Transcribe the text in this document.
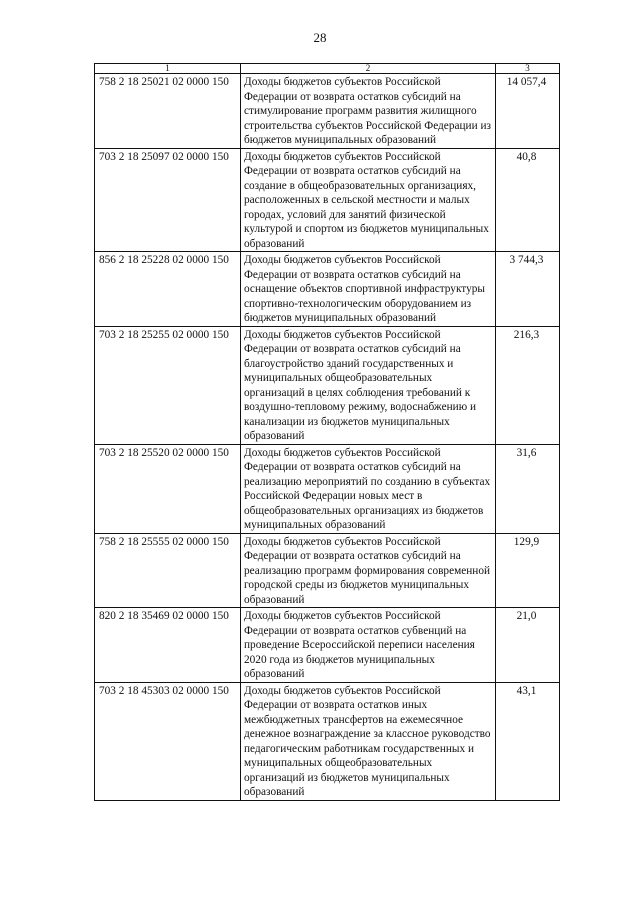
28
1	2	3
758 2 18 25021 02 0000 150	Доходы бюджетов субъектов Российской Федерации от возврата остатков субсидий на стимулирование программ развития жилищного строительства субъектов Российской Федерации из бюджетов муниципальных образований	14 057,4
703 2 18 25097 02 0000 150	Доходы бюджетов субъектов Российской Федерации от возврата остатков субсидий на создание в общеобразовательных организациях, расположенных в сельской местности и малых городах, условий для занятий физической культурой и спортом из бюджетов муниципальных образований	40,8
856 2 18 25228 02 0000 150	Доходы бюджетов субъектов Российской Федерации от возврата остатков субсидий на оснащение объектов спортивной инфраструктуры спортивно-технологическим оборудованием из бюджетов муниципальных образований	3 744,3
703 2 18 25255 02 0000 150	Доходы бюджетов субъектов Российской Федерации от возврата остатков субсидий на благоустройство зданий государственных и муниципальных общеобразовательных организаций в целях соблюдения требований к воздушно-тепловому режиму, водоснабжению и канализации из бюджетов муниципальных образований	216,3
703 2 18 25520 02 0000 150	Доходы бюджетов субъектов Российской Федерации от возврата остатков субсидий на реализацию мероприятий по созданию в субъектах Российской Федерации новых мест в общеобразовательных организациях из бюджетов муниципальных образований	31,6
758 2 18 25555 02 0000 150	Доходы бюджетов субъектов Российской Федерации от возврата остатков субсидий на реализацию программ формирования современной городской среды из бюджетов муниципальных образований	129,9
820 2 18 35469 02 0000 150	Доходы бюджетов субъектов Российской Федерации от возврата остатков субвенций на проведение Всероссийской переписи населения 2020 года из бюджетов муниципальных образований	21,0
703 2 18 45303 02 0000 150	Доходы бюджетов субъектов Российской Федерации от возврата остатков иных межбюджетных трансфертов на ежемесячное денежное вознаграждение за классное руководство педагогическим работникам государственных и муниципальных общеобразовательных организаций из бюджетов муниципальных образований	43,1
